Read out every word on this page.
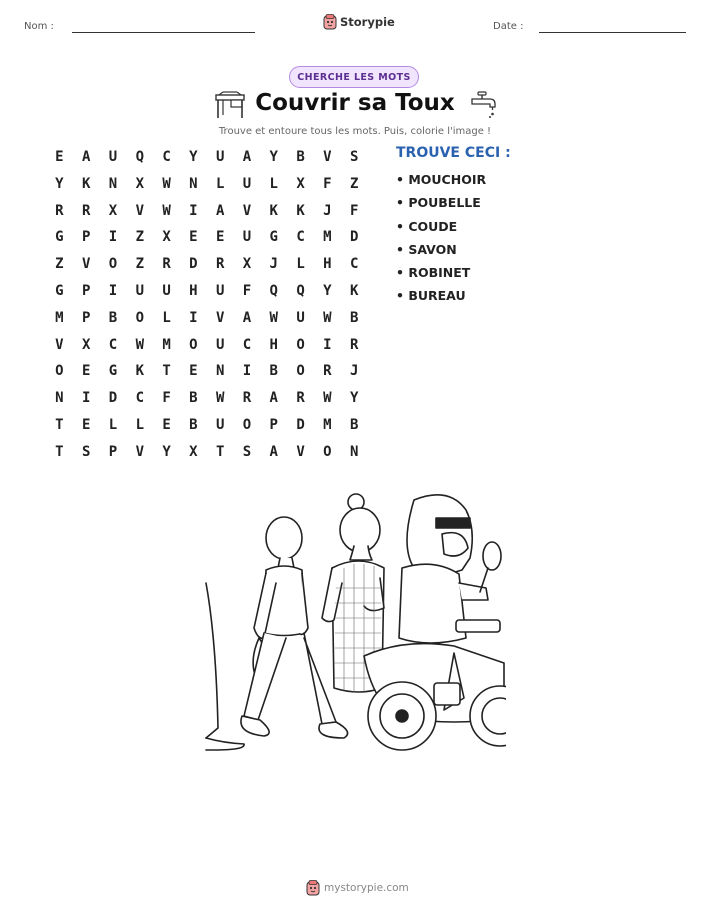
Nom :	Storypie	Date :
CHERCHE LES MOTS
Couvrir sa Toux
Trouve et entoure tous les mots. Puis, colorie l'image !
E	A	U	Q	C	Y	U	A	Y	B	V	S
Y	K	N	X	W	N	L	U	L	X	F	Z
R	R	X	V	W	I	A	V	K	K	J	F
G	P	I	Z	X	E	E	U	G	C	M	D
Z	V	O	Z	R	D	R	X	J	L	H	C
G	P	I	U	U	H	U	F	Q	Q	Y	K
M	P	B	O	L	I	V	A	W	U	W	B
V	X	C	W	M	O	U	C	H	O	I	R
O	E	G	K	T	E	N	I	B	O	R	J
N	I	D	C	F	B	W	R	A	R	W	Y
T	E	L	L	E	B	U	O	P	D	M	B
T	S	P	V	Y	X	T	S	A	V	O	N
TROUVE CECI :
• MOUCHOIR
• POUBELLE
• COUDE
• SAVON
• ROBINET
• BUREAU
mystorypie.com
